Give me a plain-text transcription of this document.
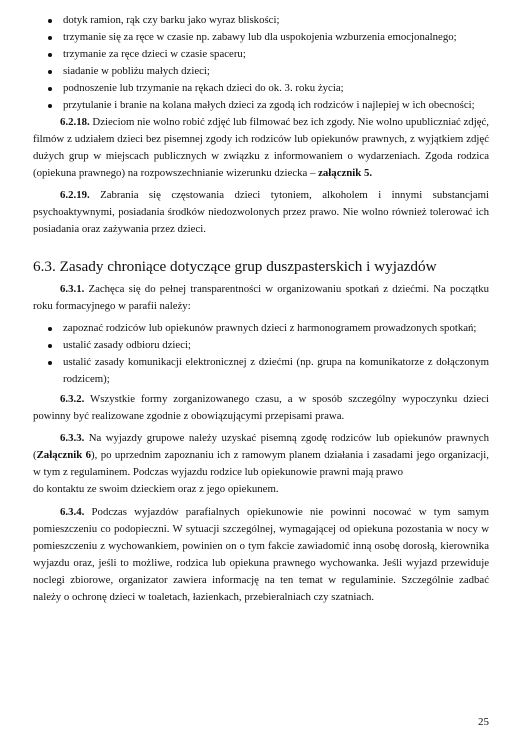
dotyk ramion, rąk czy barku jako wyraz bliskości;
trzymanie się za ręce w czasie np. zabawy lub dla uspokojenia wzburzenia emocjonalnego;
trzymanie za ręce dzieci w czasie spaceru;
siadanie w pobliżu małych dzieci;
podnoszenie lub trzymanie na rękach dzieci do ok. 3. roku życia;
przytulanie i branie na kolana małych dzieci za zgodą ich rodziców i najlepiej w ich obecności;

6.2.18. Dzieciom nie wolno robić zdjęć lub filmować bez ich zgody. Nie wolno upubliczniać zdjęć, filmów z udziałem dzieci bez pisemnej zgody ich rodziców lub opiekunów prawnych, z wyjątkiem zdjęć dużych grup w miejscach publicznych w związku z informowaniem o wydarzeniach. Zgoda rodzica (opiekuna prawnego) na rozpowszechnianie wizerunku dziecka – załącznik 5.

6.2.19. Zabrania się częstowania dzieci tytoniem, alkoholem i innymi substancjami psychoaktywnymi, posiadania środków niedozwolonych przez prawo. Nie wolno również tolerować ich posiadania oraz zażywania przez dzieci.

6.3. Zasady chroniące dotyczące grup duszpasterskich i wyjazdów

6.3.1. Zachęca się do pełnej transparentności w organizowaniu spotkań z dziećmi. Na początku roku formacyjnego w parafii należy:

zapoznać rodziców lub opiekunów prawnych dzieci z harmonogramem prowadzonych spotkań;
ustalić zasady odbioru dzieci;
ustalić zasady komunikacji elektronicznej z dziećmi (np. grupa na komunikatorze z dołączonym rodzicem);

6.3.2. Wszystkie formy zorganizowanego czasu, a w sposób szczególny wypoczynku dzieci powinny być realizowane zgodnie z obowiązującymi przepisami prawa.

6.3.3. Na wyjazdy grupowe należy uzyskać pisemną zgodę rodziców lub opiekunów prawnych (Załącznik 6), po uprzednim zapoznaniu ich z ramowym planem działania i zasadami jego organizacji, w tym z regulaminem. Podczas wyjazdu rodzice lub opiekunowie prawni mają prawo

do kontaktu ze swoim dzieckiem oraz z jego opiekunem.

6.3.4. Podczas wyjazdów parafialnych opiekunowie nie powinni nocować w tym samym pomieszczeniu co podopieczni. W sytuacji szczególnej, wymagającej od opiekuna pozostania w nocy w pomieszczeniu z wychowankiem, powinien on o tym fakcie zawiadomić inną osobę dorosłą, kierownika wyjazdu oraz, jeśli to możliwe, rodzica lub opiekuna prawnego wychowanka. Jeśli wyjazd przewiduje noclegi zbiorowe, organizator zawiera informację na ten temat w regulaminie. Szczególnie zadbać należy o ochronę dzieci w toaletach, łazienkach, przebieralniach czy szatniach.

25
